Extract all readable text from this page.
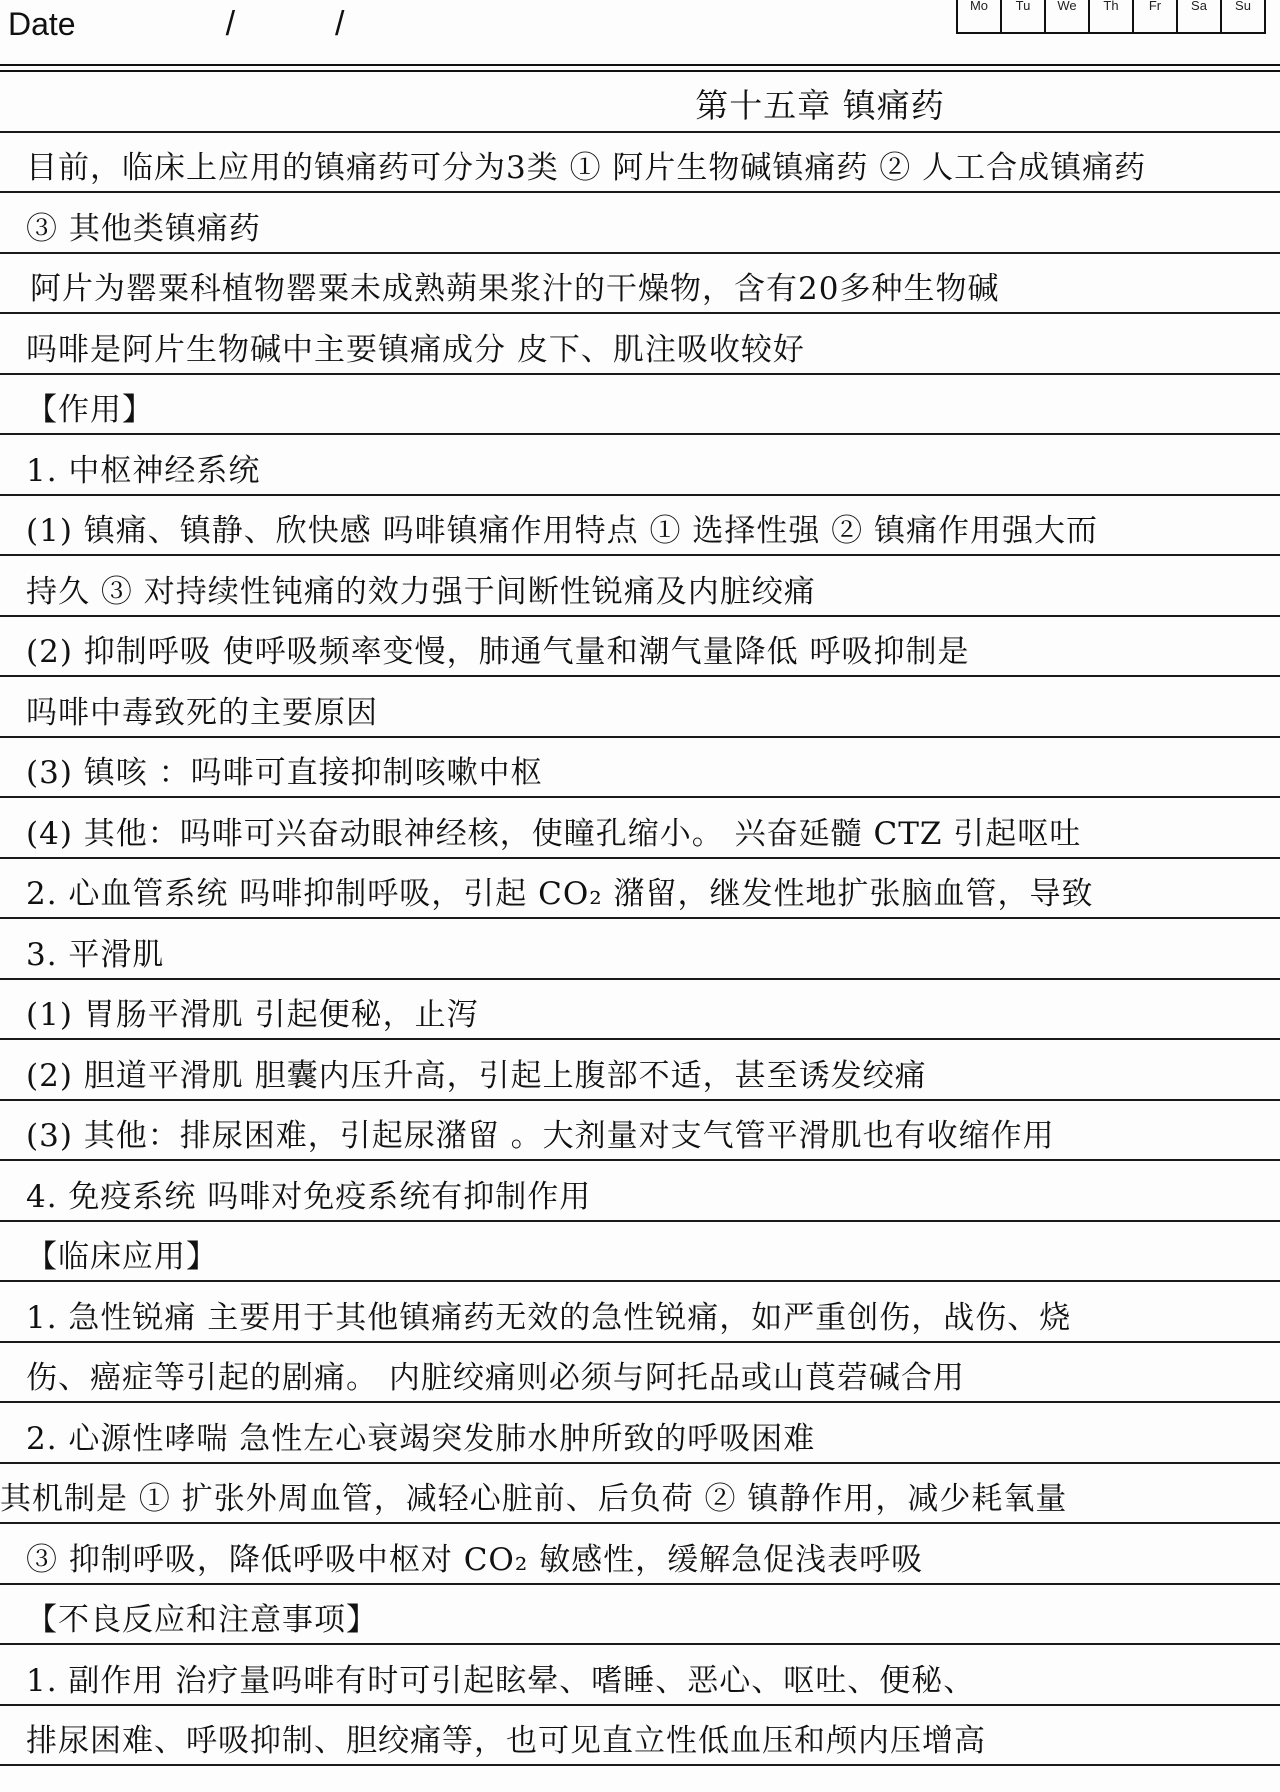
Date	/	/	Mo	Tu	We	Th	Fr	Sa	Su
第十五章 镇痛药
目前，临床上应用的镇痛药可分为3类 ① 阿片生物碱镇痛药 ② 人工合成镇痛药
③ 其他类镇痛药
阿片为罂粟科植物罂粟未成熟蒴果浆汁的干燥物，含有20多种生物碱
吗啡是阿片生物碱中主要镇痛成分 皮下、肌注吸收较好
【作用】
1. 中枢神经系统
(1) 镇痛、镇静、欣快感 吗啡镇痛作用特点 ① 选择性强 ② 镇痛作用强大而
持久 ③ 对持续性钝痛的效力强于间断性锐痛及内脏绞痛
(2) 抑制呼吸 使呼吸频率变慢，肺通气量和潮气量降低 呼吸抑制是
吗啡中毒致死的主要原因
(3) 镇咳 ：吗啡可直接抑制咳嗽中枢
(4) 其他：吗啡可兴奋动眼神经核，使瞳孔缩小。 兴奋延髓 CTZ 引起呕吐
2. 心血管系统 吗啡抑制呼吸，引起 CO₂ 潴留，继发性地扩张脑血管，导致
3. 平滑肌
(1) 胃肠平滑肌 引起便秘，止泻
(2) 胆道平滑肌 胆囊内压升高，引起上腹部不适，甚至诱发绞痛
(3) 其他：排尿困难，引起尿潴留 。大剂量对支气管平滑肌也有收缩作用
4. 免疫系统 吗啡对免疫系统有抑制作用
【临床应用】
1. 急性锐痛 主要用于其他镇痛药无效的急性锐痛，如严重创伤，战伤、烧
伤、癌症等引起的剧痛。 内脏绞痛则必须与阿托品或山莨菪碱合用
2. 心源性哮喘 急性左心衰竭突发肺水肿所致的呼吸困难
其机制是 ① 扩张外周血管，减轻心脏前、后负荷 ② 镇静作用，减少耗氧量
③ 抑制呼吸，降低呼吸中枢对 CO₂ 敏感性，缓解急促浅表呼吸
【不良反应和注意事项】
1. 副作用 治疗量吗啡有时可引起眩晕、嗜睡、恶心、呕吐、便秘、
排尿困难、呼吸抑制、胆绞痛等，也可见直立性低血压和颅内压增高
